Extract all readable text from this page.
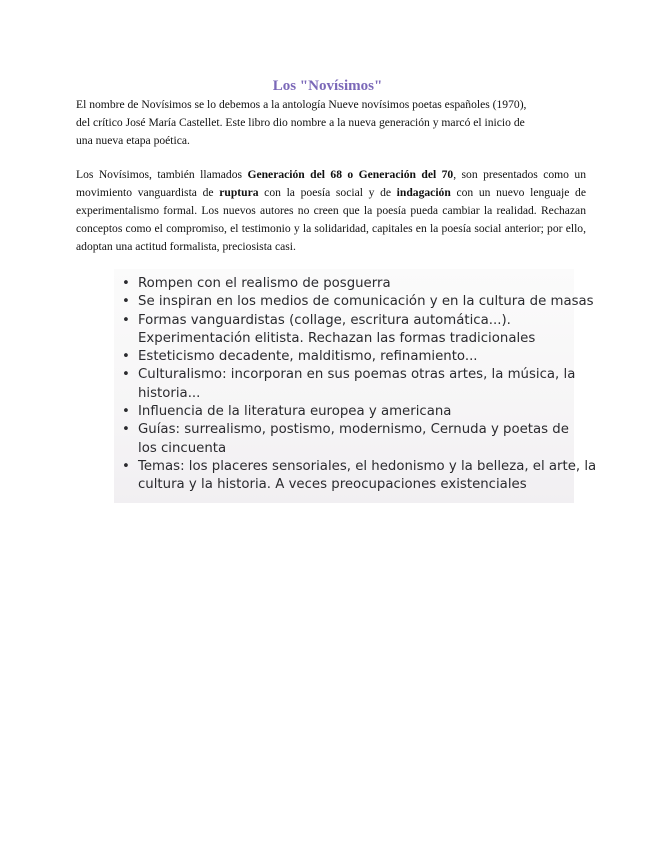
Los "Novísimos"
El nombre de Novísimos se lo debemos a la antología Nueve novísimos poetas españoles (1970),
del crítico José María Castellet. Este libro dio nombre a la nueva generación y marcó el inicio de
una nueva etapa poética.
Los Novísimos, también llamados Generación del 68 o Generación del 70, son presentados como un movimiento vanguardista de ruptura con la poesía social y de indagación con un nuevo lenguaje de experimentalismo formal. Los nuevos autores no creen que la poesía pueda cambiar la realidad. Rechazan conceptos como el compromiso, el testimonio y la solidaridad, capitales en la poesía social anterior; por ello, adoptan una actitud formalista, preciosista casi.
• Rompen con el realismo de posguerra
• Se inspiran en los medios de comunicación y en la cultura de masas
• Formas vanguardistas (collage, escritura automática...).
Experimentación elitista. Rechazan las formas tradicionales
• Esteticismo decadente, malditismo, refinamiento...
• Culturalismo: incorporan en sus poemas otras artes, la música, la
historia...
• Influencia de la literatura europea y americana
• Guías: surrealismo, postismo, modernismo, Cernuda y poetas de
los cincuenta
• Temas: los placeres sensoriales, el hedonismo y la belleza, el arte, la
cultura y la historia. A veces preocupaciones existenciales
